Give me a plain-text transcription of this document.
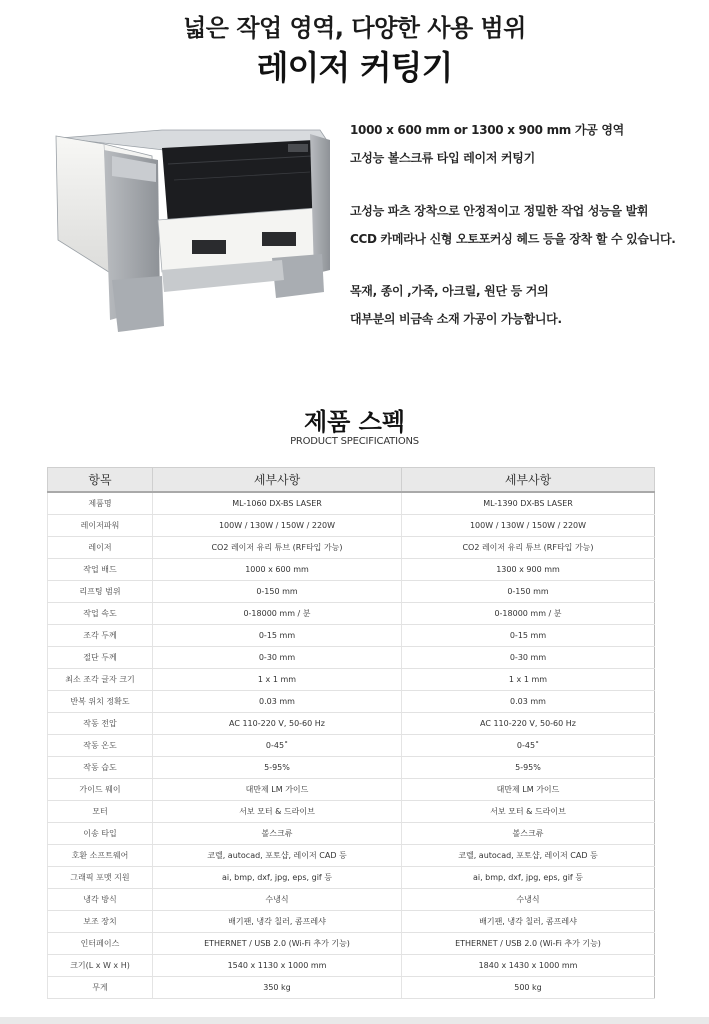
넓은 작업 영역, 다양한 사용 범위
레이저 커팅기

1000 x 600 mm or 1300 x 900 mm 가공 영역

고성능 볼스크류 타입 레이저 커팅기

고성능 파츠 장착으로 안정적이고 정밀한 작업 성능을 발휘

CCD 카메라나 신형 오토포커싱 헤드 등을 장착 할 수 있습니다.

목재, 종이 ,가죽, 아크릴, 원단 등 거의

대부분의 비금속 소재 가공이 가능합니다.

제품 스펙
PRODUCT SPECIFICATIONS
항목	세부사항	세부사항
제품명	ML-1060 DX-BS LASER	ML-1390 DX-BS LASER
레이저파워	100W / 130W / 150W / 220W	100W / 130W / 150W / 220W
레이저	CO2 레이저 유리 튜브 (RF타입 가능)	CO2 레이저 유리 튜브 (RF타입 가능)
작업 배드	1000 x 600 mm	1300 x 900 mm
리프팅 범위	0-150 mm	0-150 mm
작업 속도	0-18000 mm / 분	0-18000 mm / 분
조각 두께	0-15 mm	0-15 mm
절단 두께	0-30 mm	0-30 mm
최소 조각 글자 크기	1 x 1 mm	1 x 1 mm
반복 위치 정확도	0.03 mm	0.03 mm
작동 전압	AC 110-220 V, 50-60 Hz	AC 110-220 V, 50-60 Hz
작동 온도	0-45˚	0-45˚
작동 습도	5-95%	5-95%
가이드 웨이	대만제 LM 가이드	대만제 LM 가이드
모터	서보 모터 & 드라이브	서보 모터 & 드라이브
이송 타입	볼스크류	볼스크류
호환 소프트웨어	코렐, autocad, 포토샵, 레이저 CAD 등	코렐, autocad, 포토샵, 레이저 CAD 등
그래픽 포맷 지원	ai, bmp, dxf, jpg, eps, gif 등	ai, bmp, dxf, jpg, eps, gif 등
냉각 방식	수냉식	수냉식
보조 장치	배기팬, 냉각 칠러, 콤프레샤	배기팬, 냉각 칠러, 콤프레샤
인터페이스	ETHERNET / USB 2.0 (Wi-Fi 추가 기능)	ETHERNET / USB 2.0 (Wi-Fi 추가 기능)
크기(L x W x H)	1540 x 1130 x 1000 mm	1840 x 1430 x 1000 mm
무게	350 kg	500 kg
